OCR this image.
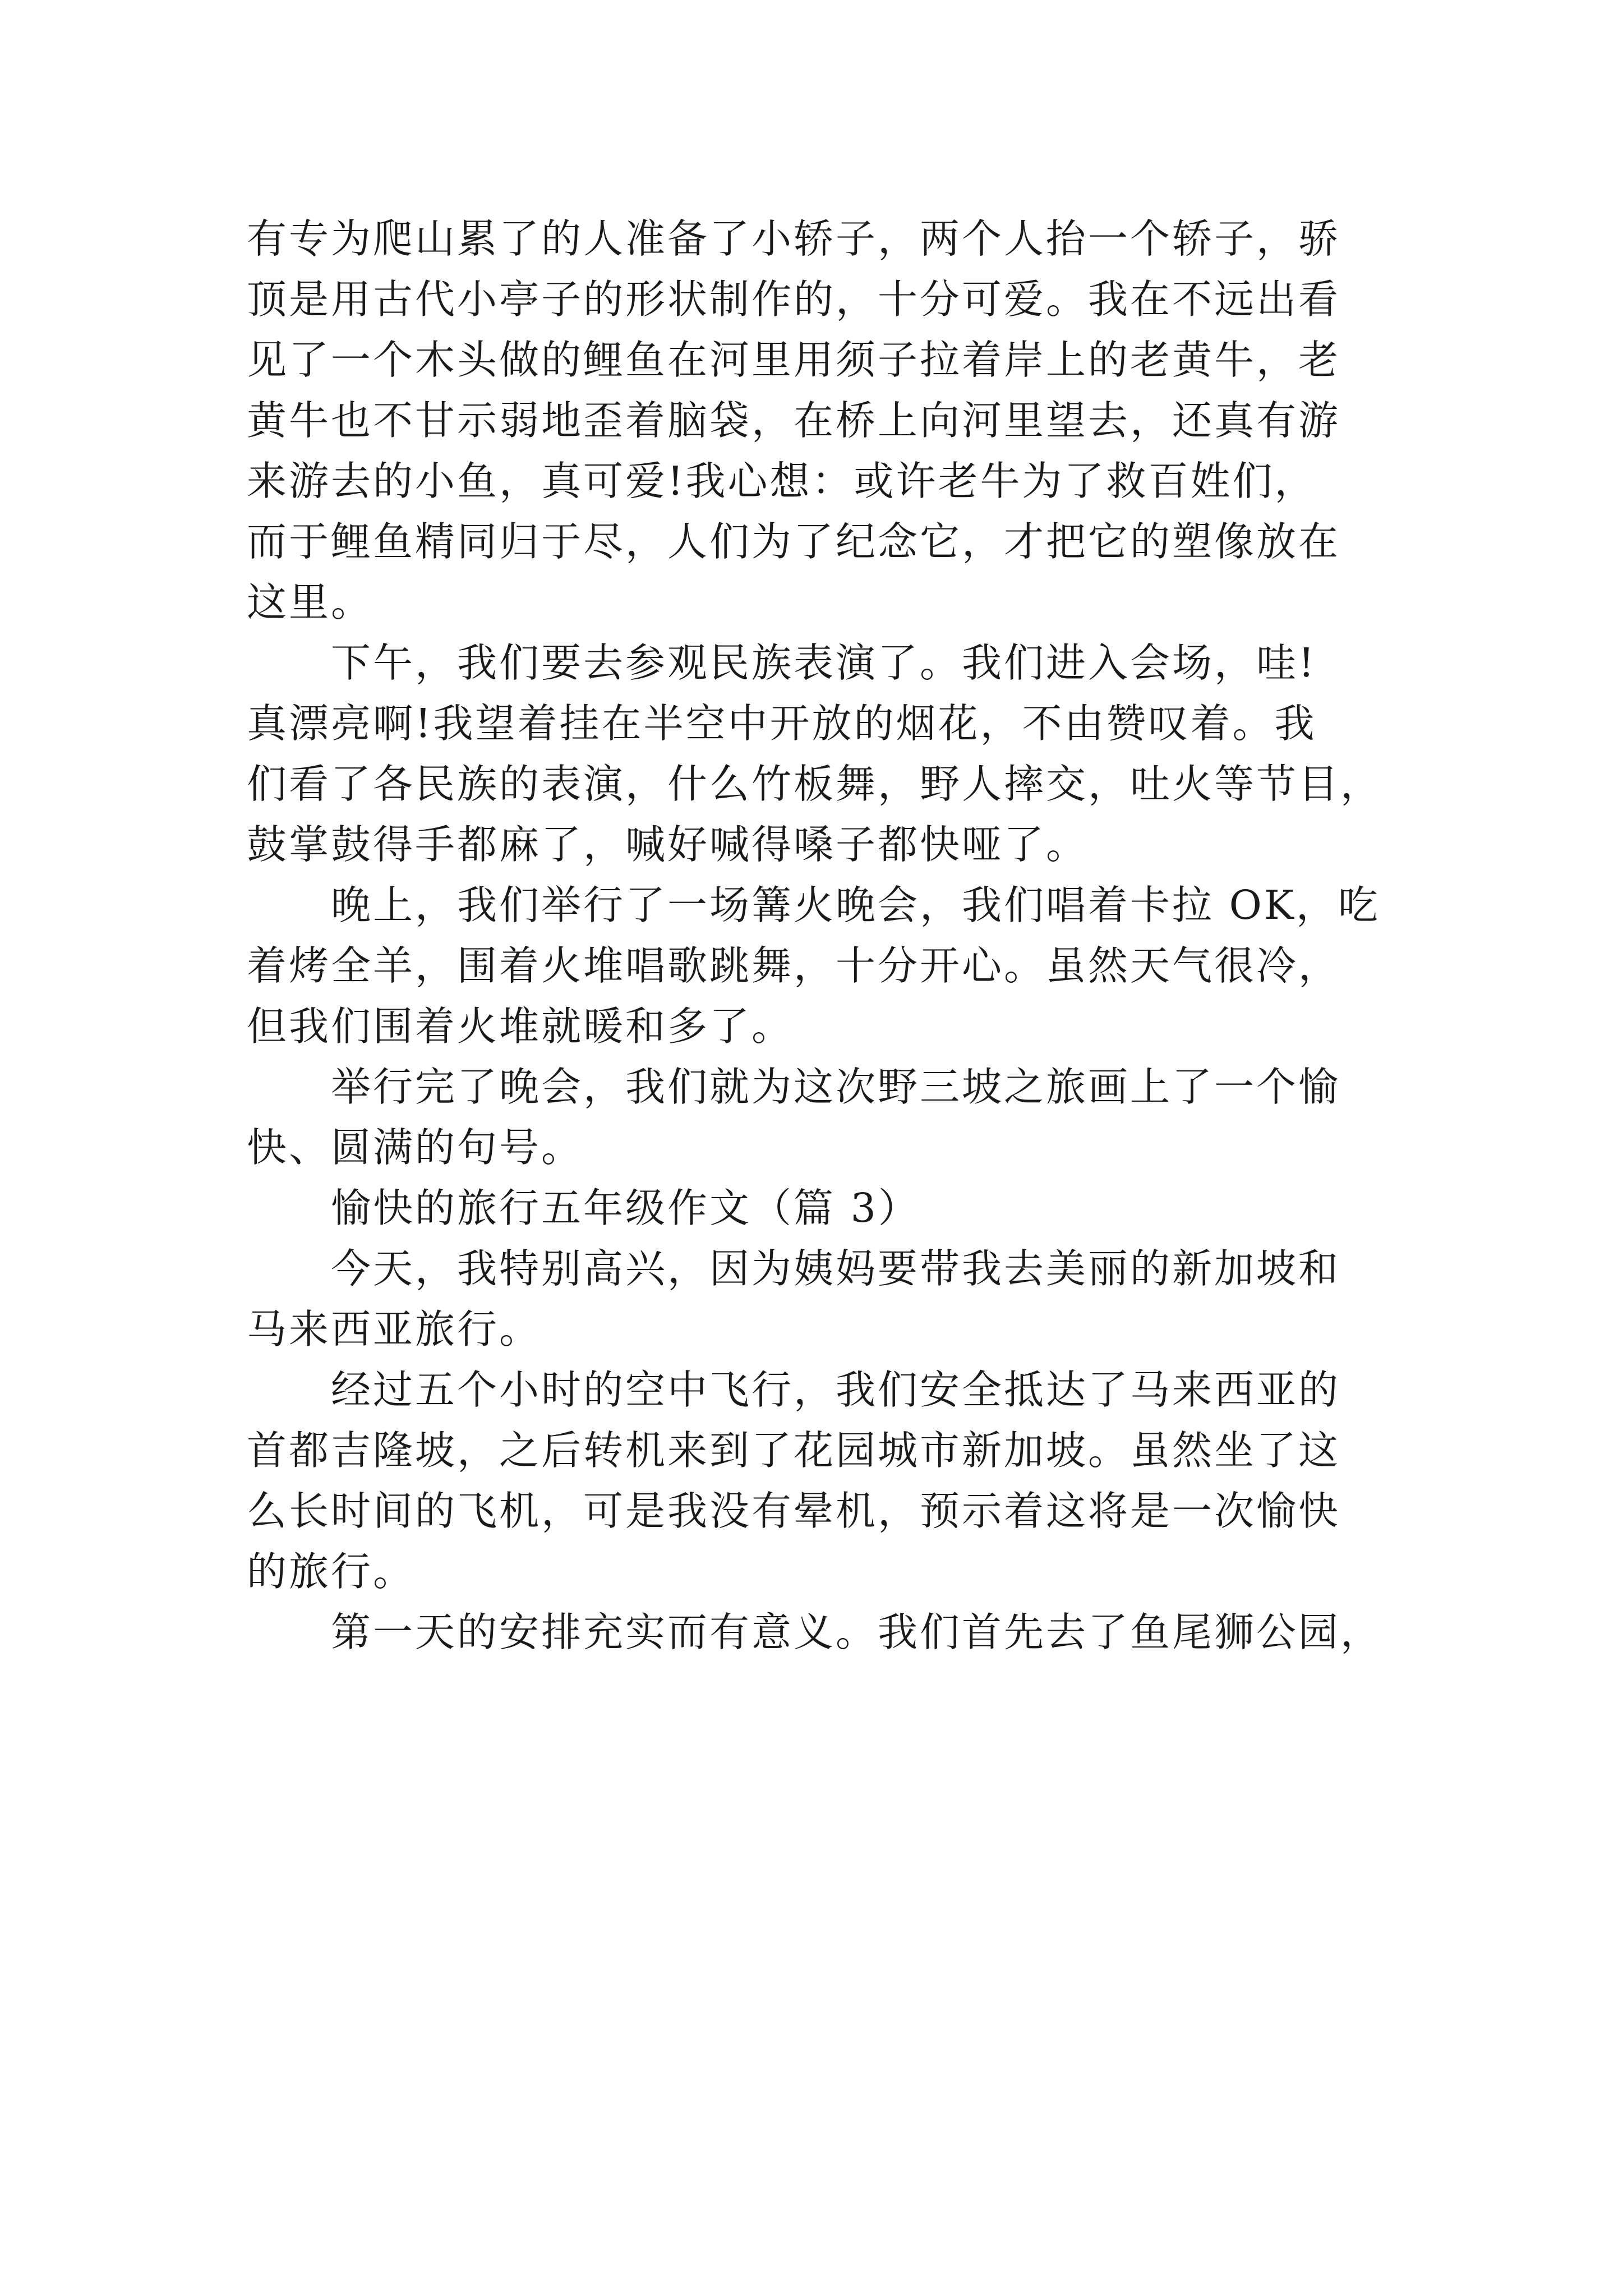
有专为爬山累了的人准备了小轿子，两个人抬一个轿子，骄
顶是用古代小亭子的形状制作的，十分可爱。我在不远出看
见了一个木头做的鲤鱼在河里用须子拉着岸上的老黄牛，老
黄牛也不甘示弱地歪着脑袋，在桥上向河里望去，还真有游
来游去的小鱼，真可爱!我心想：或许老牛为了救百姓们，
而于鲤鱼精同归于尽，人们为了纪念它，才把它的塑像放在
这里。
　　下午，我们要去参观民族表演了。我们进入会场，哇!
真漂亮啊!我望着挂在半空中开放的烟花，不由赞叹着。我
们看了各民族的表演，什么竹板舞，野人摔交，吐火等节目，
鼓掌鼓得手都麻了，喊好喊得嗓子都快哑了。
　　晚上，我们举行了一场篝火晚会，我们唱着卡拉 OK，吃
着烤全羊，围着火堆唱歌跳舞，十分开心。虽然天气很冷，
但我们围着火堆就暖和多了。
　　举行完了晚会，我们就为这次野三坡之旅画上了一个愉
快、圆满的句号。
　　愉快的旅行五年级作文（篇 3）
　　今天，我特别高兴，因为姨妈要带我去美丽的新加坡和
马来西亚旅行。
　　经过五个小时的空中飞行，我们安全抵达了马来西亚的
首都吉隆坡，之后转机来到了花园城市新加坡。虽然坐了这
么长时间的飞机，可是我没有晕机，预示着这将是一次愉快
的旅行。
　　第一天的安排充实而有意义。我们首先去了鱼尾狮公园，
